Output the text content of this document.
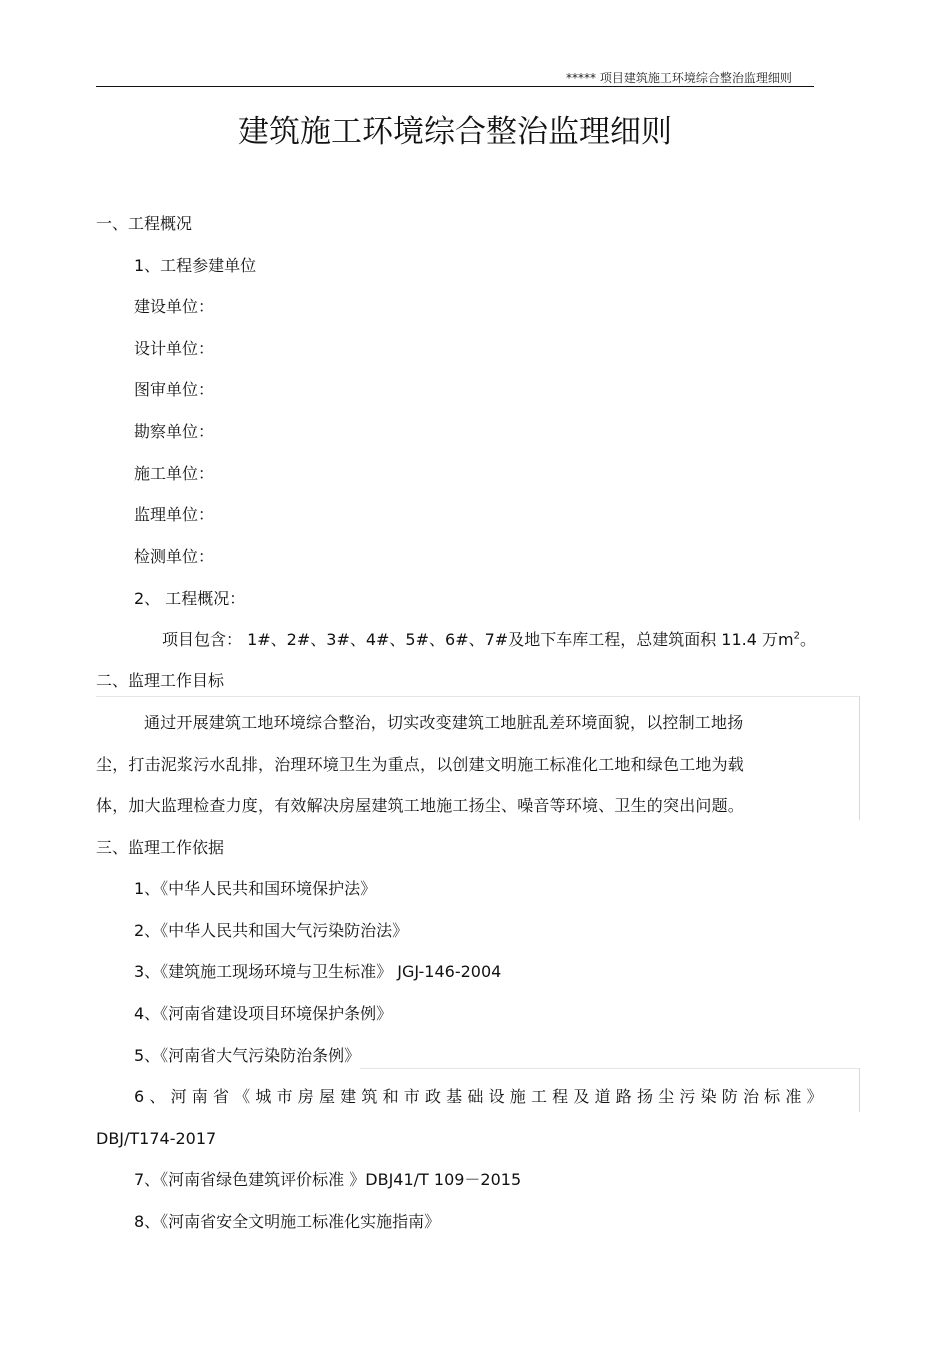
***** 项目建筑施工环境综合整治监理细则
建筑施工环境综合整治监理细则
一、工程概况
1、工程参建单位
建设单位：
设计单位：
图审单位：
勘察单位：
施工单位：
监理单位：
检测单位：
2、 工程概况：
项目包含： 1#、2#、3#、4#、5#、6#、7#及地下车库工程，总建筑面积 11.4 万$m^2$。
二、监理工作目标
通过开展建筑工地环境综合整治，切实改变建筑工地脏乱差环境面貌，以控制工地扬
尘，打击泥浆污水乱排，治理环境卫生为重点，以创建文明施工标准化工地和绿色工地为载
体，加大监理检查力度，有效解决房屋建筑工地施工扬尘、噪音等环境、卫生的突出问题。
三、监理工作依据
1、《中华人民共和国环境保护法》
2、《中华人民共和国大气污染防治法》
3、《建筑施工现场环境与卫生标准》 JGJ-146-2004
4、《河南省建设项目环境保护条例》
5、《河南省大气污染防治条例》
6、河南省《城市房屋建筑和市政基础设施工程及道路扬尘污染防治标准》
DBJ/T174-2017
7、《河南省绿色建筑评价标准 》DBJ41/T 109－2015
8、《河南省安全文明施工标准化实施指南》
